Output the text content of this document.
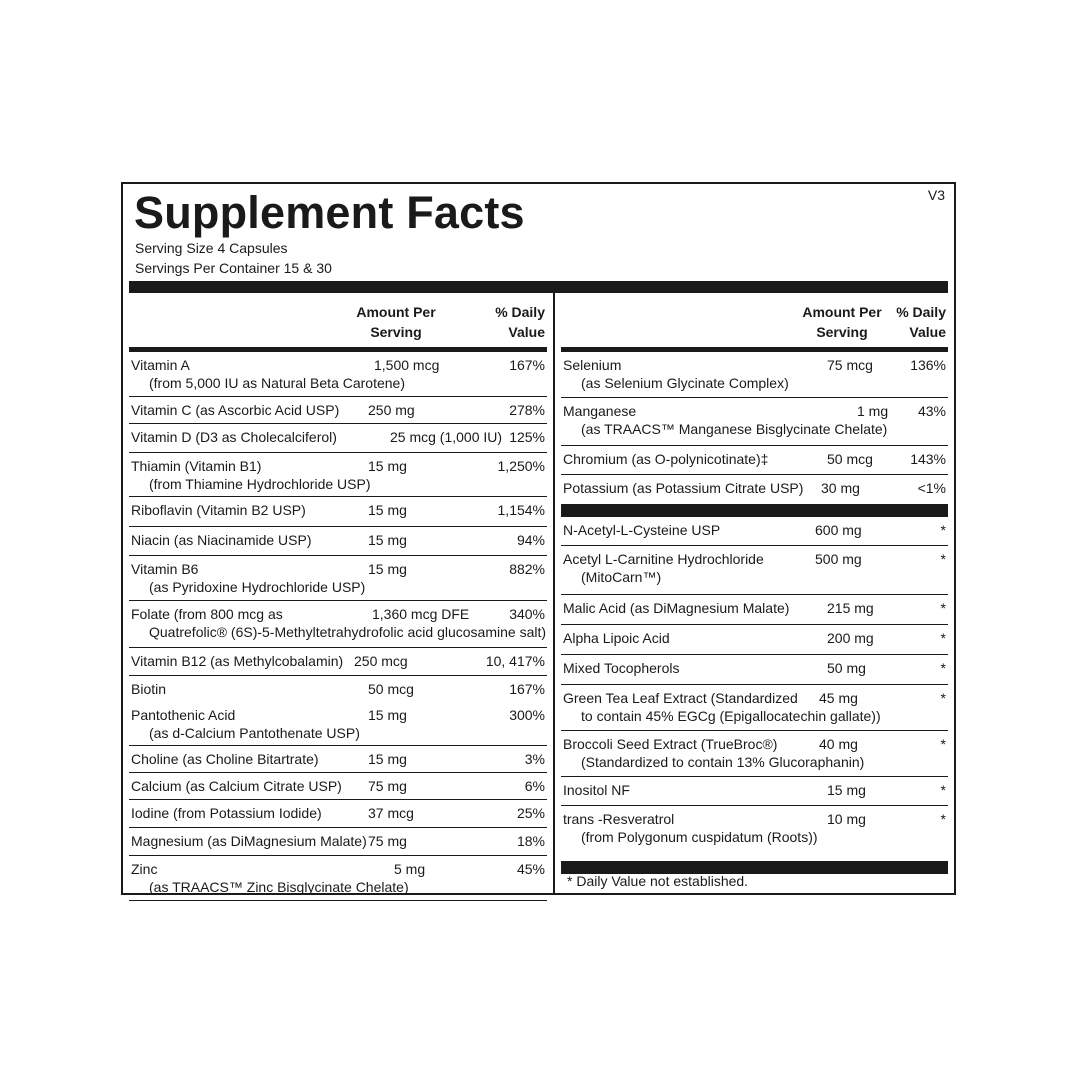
Supplement Facts	V3
Serving Size 4 Capsules
Servings Per Container 15 & 30
Amount Per
Serving
% Daily
Value
Vitamin A
(from 5,000 IU as Natural Beta Carotene)
1,500 mcg	167%
Vitamin C (as Ascorbic Acid USP) 250 mg	278%
Vitamin D (D3 as Cholecalciferol)	25 mcg (1,000 IU) 125%
Thiamin (Vitamin B1)
(from Thiamine Hydrochloride USP)
15 mg	1,250%
Riboflavin (Vitamin B2 USP)	15 mg	1,154%
Niacin (as Niacinamide USP)	15 mg	94%
Vitamin B6
(as Pyridoxine Hydrochloride USP)
15 mg	882%
Folate (from 800 mcg as
Quatrefolic® (6S)-5-Methyltetrahydrofolic acid glucosamine salt)
1,360 mcg DFE	340%
Vitamin B12 (as Methylcobalamin) 250 mcg	10, 417%
Biotin	50 mcg	167%
Pantothenic Acid
(as d-Calcium Pantothenate USP)
15 mg	300%
Choline (as Choline Bitartrate)	15 mg	3%
Calcium (as Calcium Citrate USP) 75 mg	6%
Iodine (from Potassium Iodide)	37 mcg	25%
Magnesium (as DiMagnesium Malate) 75 mg	18%
Zinc
(as TRAACS™ Zinc Bisglycinate Chelate)
5 mg	45%
Amount Per
Serving
% Daily
Value
Selenium
(as Selenium Glycinate Complex)
75 mcg	136%
Manganese
(as TRAACS™ Manganese Bisglycinate Chelate)
1 mg 43%
Chromium (as O-polynicotinate)‡	50 mcg	143%
Potassium (as Potassium Citrate USP) 30 mg	<1%
N-Acetyl-L-Cysteine USP	600 mg	*
Acetyl L-Carnitine Hydrochloride
(MitoCarn™)
500 mg	*
Malic Acid (as DiMagnesium Malate)	215 mg	*
Alpha Lipoic Acid	200 mg	*
Mixed Tocopherols	50 mg	*
Green Tea Leaf Extract (Standardized
to contain 45% EGCg (Epigallocatechin gallate))
45 mg	*
Broccoli Seed Extract (TrueBroc®)
(Standardized to contain 13% Glucoraphanin)
40 mg	*
Inositol NF	15 mg	*
trans -Resveratrol
(from Polygonum cuspidatum (Roots))
10 mg	*
* Daily Value not established.
